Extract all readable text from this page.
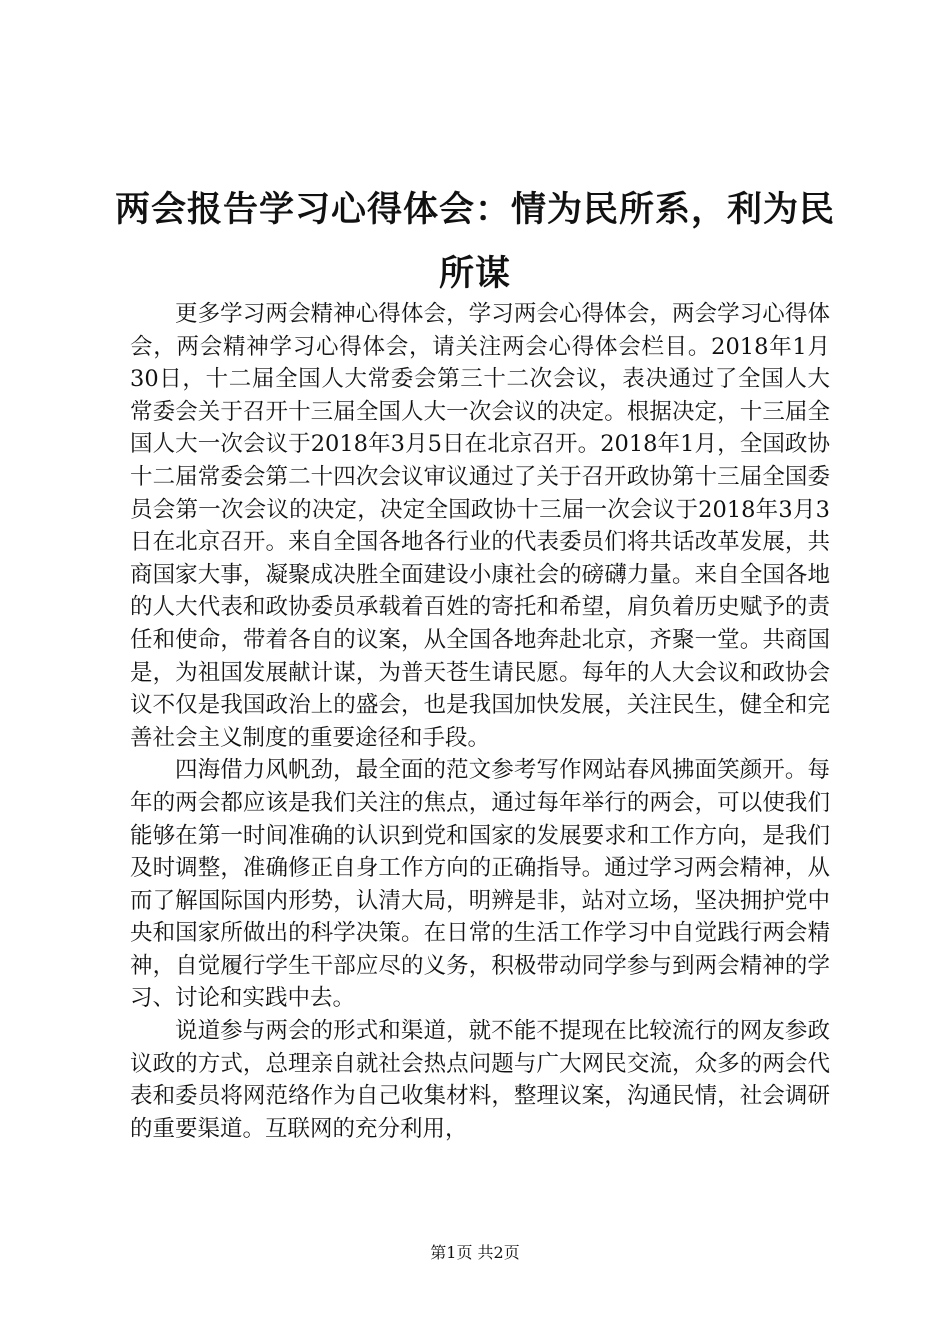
两会报告学习心得体会：情为民所系，利为民所谋

更多学习两会精神心得体会，学习两会心得体会，两会学习心得体会，两会精神学习心得体会，请关注两会心得体会栏目。2018年1月30日，十二届全国人大常委会第三十二次会议，表决通过了全国人大常委会关于召开十三届全国人大一次会议的决定。根据决定，十三届全国人大一次会议于2018年3月5日在北京召开。2018年1月，全国政协十二届常委会第二十四次会议审议通过了关于召开政协第十三届全国委员会第一次会议的决定，决定全国政协十三届一次会议于2018年3月3日在北京召开。来自全国各地各行业的代表委员们将共话改革发展，共商国家大事，凝聚成决胜全面建设小康社会的磅礴力量。来自全国各地的人大代表和政协委员承载着百姓的寄托和希望，肩负着历史赋予的责任和使命，带着各自的议案，从全国各地奔赴北京，齐聚一堂。共商国是，为祖国发展献计谋，为普天苍生请民愿。每年的人大会议和政协会议不仅是我国政治上的盛会，也是我国加快发展，关注民生，健全和完善社会主义制度的重要途径和手段。

四海借力风帆劲，最全面的范文参考写作网站春风拂面笑颜开。每年的两会都应该是我们关注的焦点，通过每年举行的两会，可以使我们能够在第一时间准确的认识到党和国家的发展要求和工作方向，是我们及时调整，准确修正自身工作方向的正确指导。通过学习两会精神，从而了解国际国内形势，认清大局，明辨是非，站对立场，坚决拥护党中央和国家所做出的科学决策。在日常的生活工作学习中自觉践行两会精神，自觉履行学生干部应尽的义务，积极带动同学参与到两会精神的学习、讨论和实践中去。

说道参与两会的形式和渠道，就不能不提现在比较流行的网友参政议政的方式，总理亲自就社会热点问题与广大网民交流，众多的两会代表和委员将网范络作为自己收集材料，整理议案，沟通民情，社会调研的重要渠道。互联网的充分利用，

第1页 共2页
